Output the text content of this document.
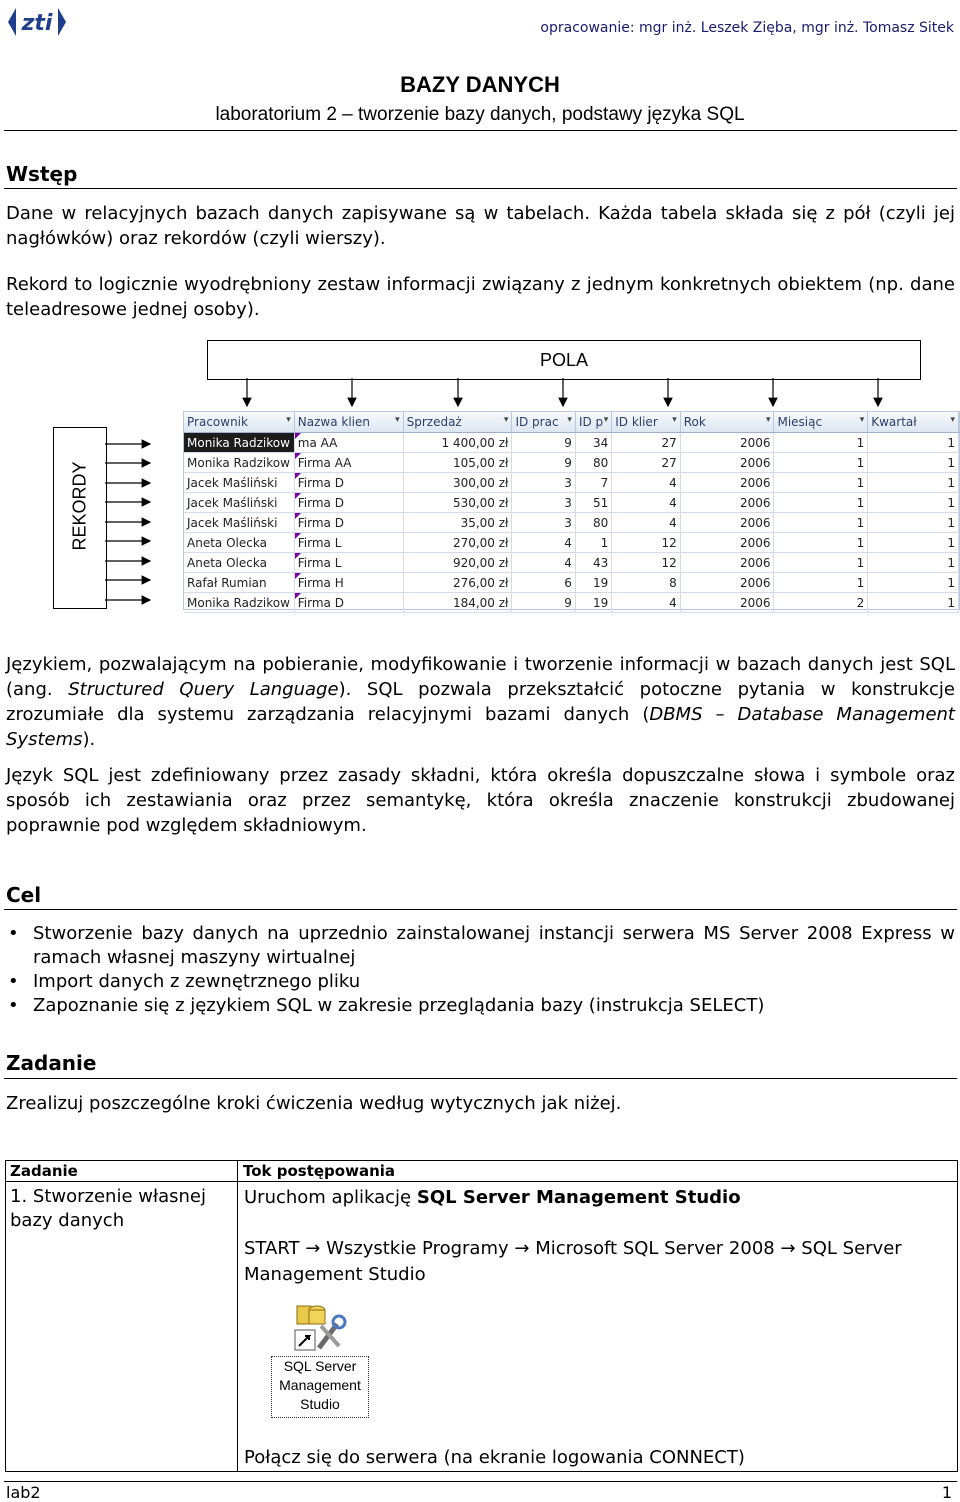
zti	opracowanie: mgr inż. Leszek Zięba, mgr inż. Tomasz Sitek
BAZY DANYCH
laboratorium 2 – tworzenie bazy danych, podstawy języka SQL
Wstęp
Dane w relacyjnych bazach danych zapisywane są w tabelach. Każda tabela składa się z pół (czyli jej nagłówków) oraz rekordów (czyli wierszy).
Rekord to logicznie wyodrębniony zestaw informacji związany z jednym konkretnych obiektem (np. dane teleadresowe jednej osoby).
POLA
REKORDY
Pracownik ▾	Nazwa klien ▾	Sprzedaż ▾	ID prac ▾	ID p ▾	ID klier ▾	Rok ▾	Miesiąc ▾	Kwartał ▾

Monika Radzikow	ma AA	1 400,00 zł	9	34	27	2006	1	1
Monika Radzikow	Firma AA	105,00 zł	9	80	27	2006	1	1
Jacek Maśliński	Firma D	300,00 zł	3	7	4	2006	1	1
Jacek Maśliński	Firma D	530,00 zł	3	51	4	2006	1	1
Jacek Maśliński	Firma D	35,00 zł	3	80	4	2006	1	1
Aneta Olecka	Firma L	270,00 zł	4	1	12	2006	1	1
Aneta Olecka	Firma L	920,00 zł	4	43	12	2006	1	1
Rafał Rumian	Firma H	276,00 zł	6	19	8	2006	1	1
Monika Radzikow	Firma D	184,00 zł	9	19	4	2006	2	1
Językiem, pozwalającym na pobieranie, modyfikowanie i tworzenie informacji w bazach danych jest SQL (ang. Structured Query Language). SQL pozwala przekształcić potoczne pytania w konstrukcje zrozumiałe dla systemu zarządzania relacyjnymi bazami danych (DBMS – Database Management Systems).
Język SQL jest zdefiniowany przez zasady składni, która określa dopuszczalne słowa i symbole oraz sposób ich zestawiania oraz przez semantykę, która określa znaczenie konstrukcji zbudowanej poprawnie pod względem składniowym.
Cel
• Stworzenie bazy danych na uprzednio zainstalowanej instancji serwera MS Server 2008 Express w ramach własnej maszyny wirtualnej
• Import danych z zewnętrznego pliku
• Zapoznanie się z językiem SQL w zakresie przeglądania bazy (instrukcja SELECT)
Zadanie
Zrealizuj poszczególne kroki ćwiczenia według wytycznych jak niżej.
Zadanie	Tok postępowania
1. Stworzenie własnej bazy danych
Uruchom aplikację SQL Server Management Studio
START → Wszystkie Programy → Microsoft SQL Server 2008 → SQL Server Management Studio
Połącz się do serwera (na ekranie logowania CONNECT)
SQL Server Management Studio
lab2	1
